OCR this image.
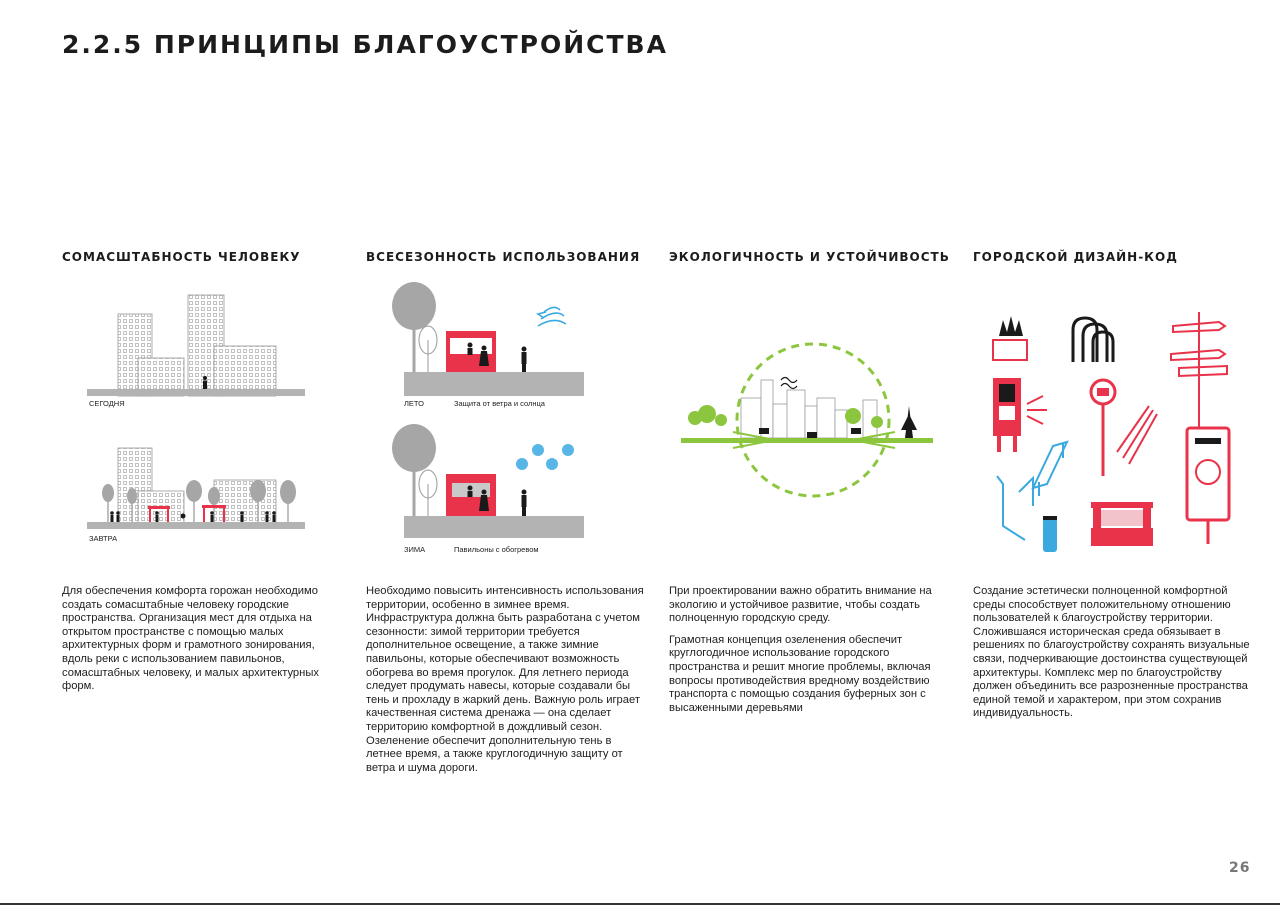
2.2.5 ПРИНЦИПЫ БЛАГОУСТРОЙСТВА
СОМАСШТАБНОСТЬ ЧЕЛОВЕКУ
СЕГОДНЯ
ЗАВТРА

Для обеспечения комфорта горожан необходимо создать сомасштабные человеку городские пространства. Организация мест для отдыха на открытом пространстве с помощью малых архитектурных форм и грамотного зонирования, вдоль реки с использованием павильонов, сомасштабных человеку, и малых архитектурных форм.

ВСЕСЕЗОННОСТЬ ИСПОЛЬЗОВАНИЯ
ЛЕТО	Защита от ветра и солнца
ЗИМА	Павильоны с обогревом

Необходимо повысить интенсивность использования территории, особенно в зимнее время. Инфраструктура должна быть разработана с учетом сезонности: зимой территории требуется дополнительное освещение, а также зимние павильоны, которые обеспечивают возможность обогрева во время прогулок. Для летнего периода следует продумать навесы, которые создавали бы тень и прохладу в жаркий день. Важную роль играет качественная система дренажа — она сделает территорию комфортной в дождливый сезон. Озеленение обеспечит дополнительную тень в летнее время, а также круглогодичную защиту от ветра и шума дороги.

ЭКОЛОГИЧНОСТЬ И УСТОЙЧИВОСТЬ

При проектировании важно обратить внимание на экологию и устойчивое развитие, чтобы создать полноценную городскую среду.

Грамотная концепция озеленения обеспечит круглогодичное использование городского пространства и решит многие проблемы, включая вопросы противодействия вредному воздействию транспорта с помощью создания буферных зон с высаженными деревьями

ГОРОДСКОЙ ДИЗАЙН-КОД

Создание эстетически полноценной комфортной среды способствует положительному отношению пользователей к благоустройству территории. Сложившаяся историческая среда обязывает в решениях по благоустройству сохранять визуальные связи, подчеркивающие достоинства существующей архитектуры. Комплекс мер по благоустройству должен объединить все разрозненные пространства единой темой и характером, при этом сохранив индивидуальность.

26
